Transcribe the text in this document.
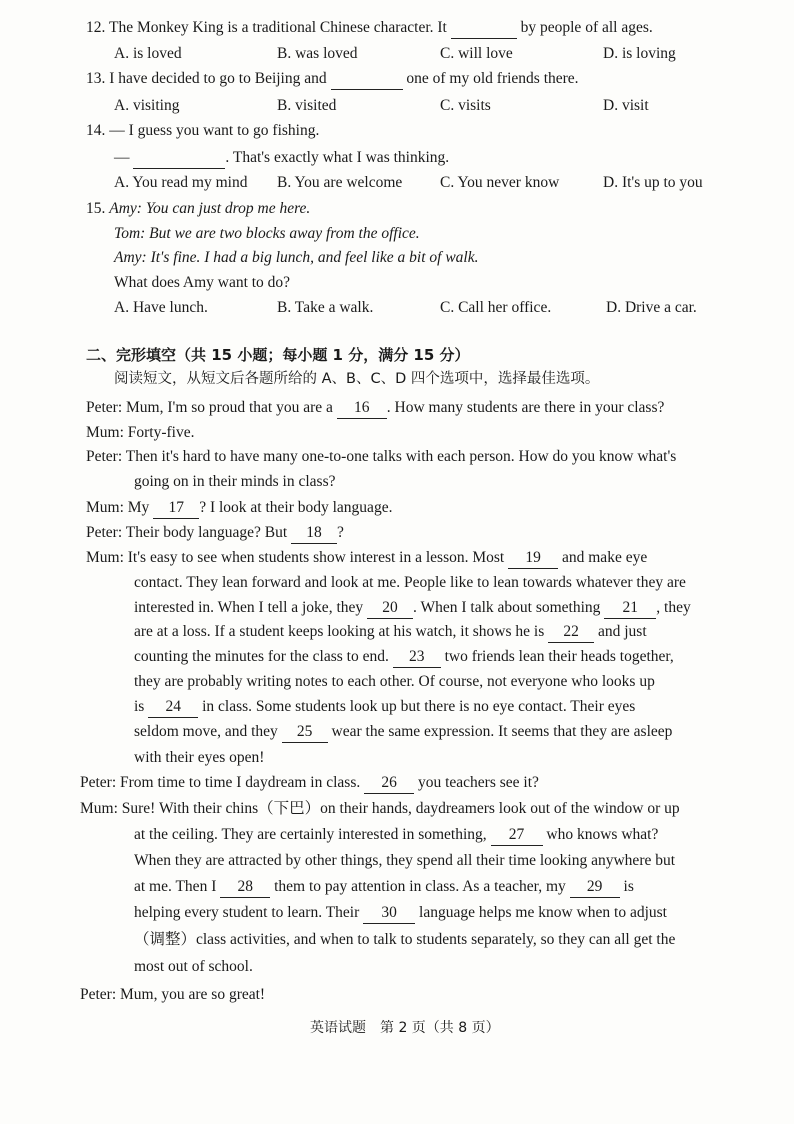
12. The Monkey King is a traditional Chinese character. It	by people of all ages.
A. is loved	B. was loved	C. will love	D. is loving
13. I have decided to go to Beijing and	one of my old friends there.
A. visiting	B. visited	C. visits	D. visit
14. — I guess you want to go fishing.
—	. That's exactly what I was thinking.
A. You read my mind B. You are welcome C. You never know	D. It's up to you
15. Amy: You can just drop me here.
Tom: But we are two blocks away from the office.
Amy: It's fine. I had a big lunch, and feel like a bit of walk.
What does Amy want to do?
A. Have lunch.	B. Take a walk.	C. Call her office.	D. Drive a car.
二、完形填空（共 15 小题；每小题 1 分，满分 15 分）
阅读短文，从短文后各题所给的 A、B、C、D 四个选项中，选择最佳选项。
Peter: Mum, I'm so proud that you are a 16 . How many students are there in your class?
Mum: Forty-five.
Peter: Then it's hard to have many one-to-one talks with each person. How do you know what's
going on in their minds in class?
Mum: My 17 ? I look at their body language.
Peter: Their body language? But 18 ?
Mum: It's easy to see when students show interest in a lesson. Most 19 and make eye
contact. They lean forward and look at me. People like to lean towards whatever they are
interested in. When I tell a joke, they 20 . When I talk about something 21 , they
are at a loss. If a student keeps looking at his watch, it shows he is 22 and just
counting the minutes for the class to end. 23 two friends lean their heads together,
they are probably writing notes to each other. Of course, not everyone who looks up
is 24 in class. Some students look up but there is no eye contact. Their eyes
seldom move, and they 25 wear the same expression. It seems that they are asleep
with their eyes open!
Peter: From time to time I daydream in class. 26 you teachers see it?
Mum: Sure! With their chins（下巴）on their hands, daydreamers look out of the window or up
at the ceiling. They are certainly interested in something, 27 who knows what?
When they are attracted by other things, they spend all their time looking anywhere but
at me. Then I 28 them to pay attention in class. As a teacher, my 29 is
helping every student to learn. Their 30 language helps me know when to adjust
（调整）class activities, and when to talk to students separately, so they can all get the
most out of school.
Peter: Mum, you are so great!
英语试题　第 2 页（共 8 页）
